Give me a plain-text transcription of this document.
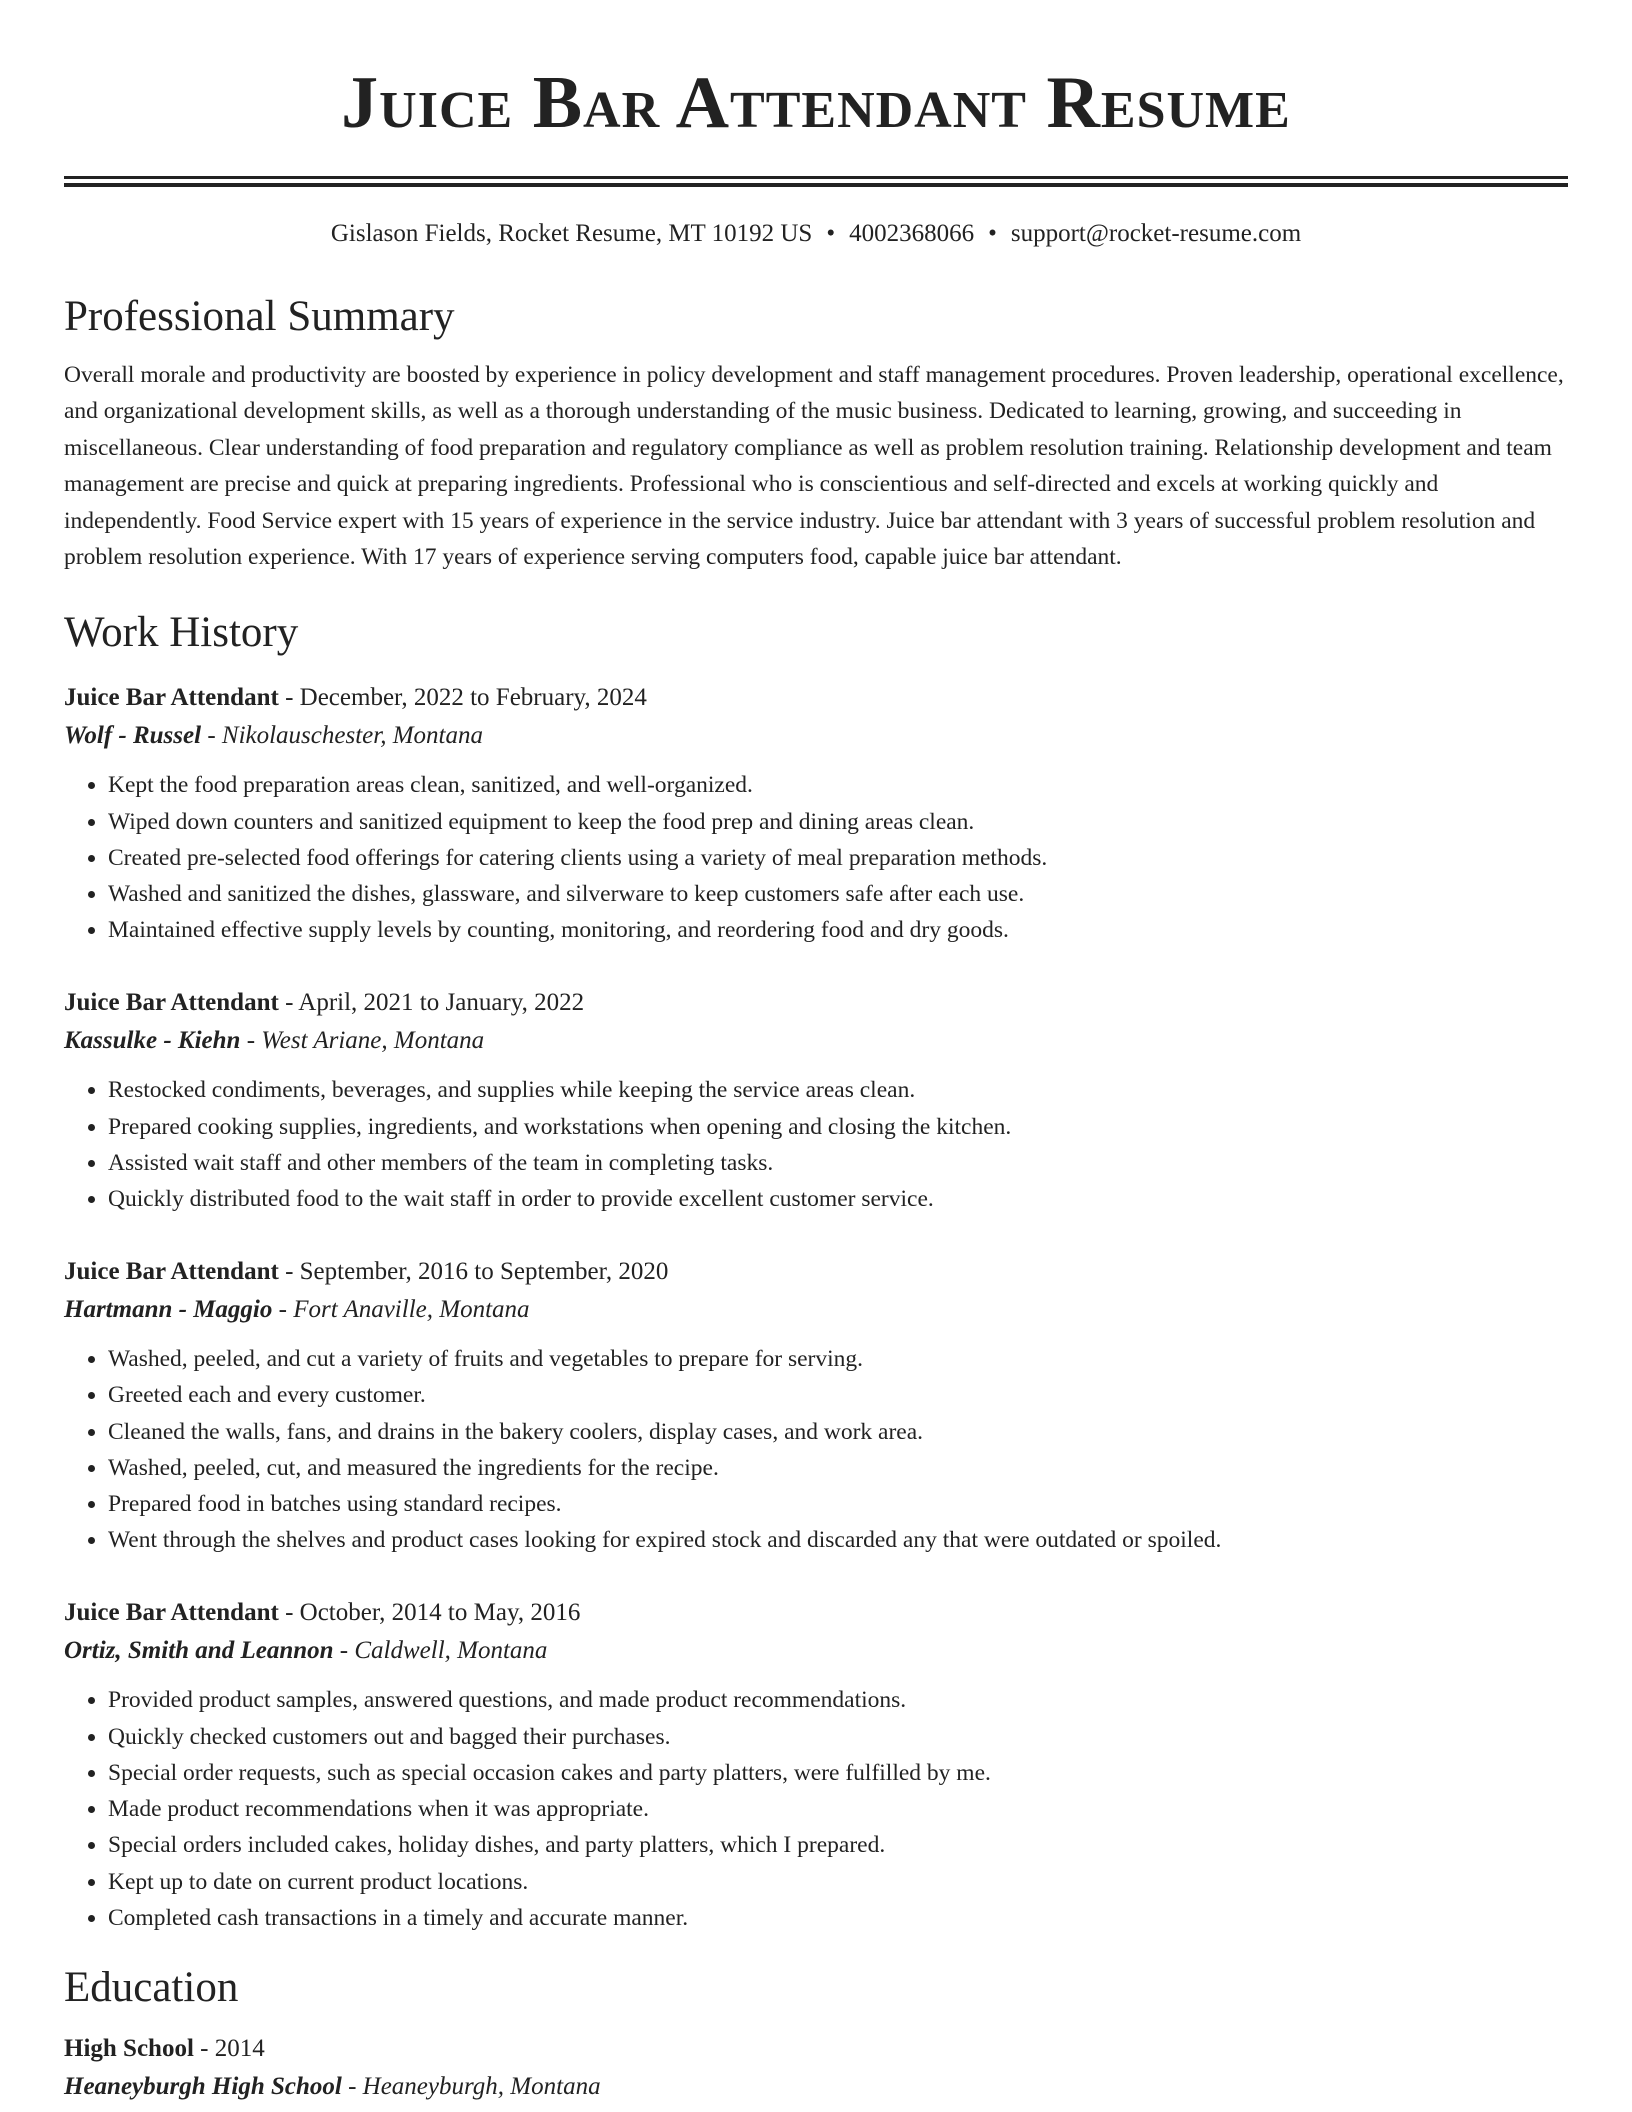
Juice Bar Attendant Resume
Gislason Fields, Rocket Resume, MT 10192 US • 4002368066 • support@rocket-resume.com
Professional Summary

Overall morale and productivity are boosted by experience in policy development and staff management procedures. Proven leadership, operational excellence, and organizational development skills, as well as a thorough understanding of the music business. Dedicated to learning, growing, and succeeding in miscellaneous. Clear understanding of food preparation and regulatory compliance as well as problem resolution training. Relationship development and team management are precise and quick at preparing ingredients. Professional who is conscientious and self-directed and excels at working quickly and independently. Food Service expert with 15 years of experience in the service industry. Juice bar attendant with 3 years of successful problem resolution and problem resolution experience. With 17 years of experience serving computers food, capable juice bar attendant.

Work History
Juice Bar Attendant - December, 2022 to February, 2024
Wolf - Russel - Nikolauschester, Montana
• Kept the food preparation areas clean, sanitized, and well-organized.
• Wiped down counters and sanitized equipment to keep the food prep and dining areas clean.
• Created pre-selected food offerings for catering clients using a variety of meal preparation methods.
• Washed and sanitized the dishes, glassware, and silverware to keep customers safe after each use.
• Maintained effective supply levels by counting, monitoring, and reordering food and dry goods.
Juice Bar Attendant - April, 2021 to January, 2022
Kassulke - Kiehn - West Ariane, Montana
• Restocked condiments, beverages, and supplies while keeping the service areas clean.
• Prepared cooking supplies, ingredients, and workstations when opening and closing the kitchen.
• Assisted wait staff and other members of the team in completing tasks.
• Quickly distributed food to the wait staff in order to provide excellent customer service.
Juice Bar Attendant - September, 2016 to September, 2020
Hartmann - Maggio - Fort Anaville, Montana
• Washed, peeled, and cut a variety of fruits and vegetables to prepare for serving.
• Greeted each and every customer.
• Cleaned the walls, fans, and drains in the bakery coolers, display cases, and work area.
• Washed, peeled, cut, and measured the ingredients for the recipe.
• Prepared food in batches using standard recipes.
• Went through the shelves and product cases looking for expired stock and discarded any that were outdated or spoiled.
Juice Bar Attendant - October, 2014 to May, 2016
Ortiz, Smith and Leannon - Caldwell, Montana
• Provided product samples, answered questions, and made product recommendations.
• Quickly checked customers out and bagged their purchases.
• Special order requests, such as special occasion cakes and party platters, were fulfilled by me.
• Made product recommendations when it was appropriate.
• Special orders included cakes, holiday dishes, and party platters, which I prepared.
• Kept up to date on current product locations.
• Completed cash transactions in a timely and accurate manner.
Education
High School - 2014
Heaneyburgh High School - Heaneyburgh, Montana
